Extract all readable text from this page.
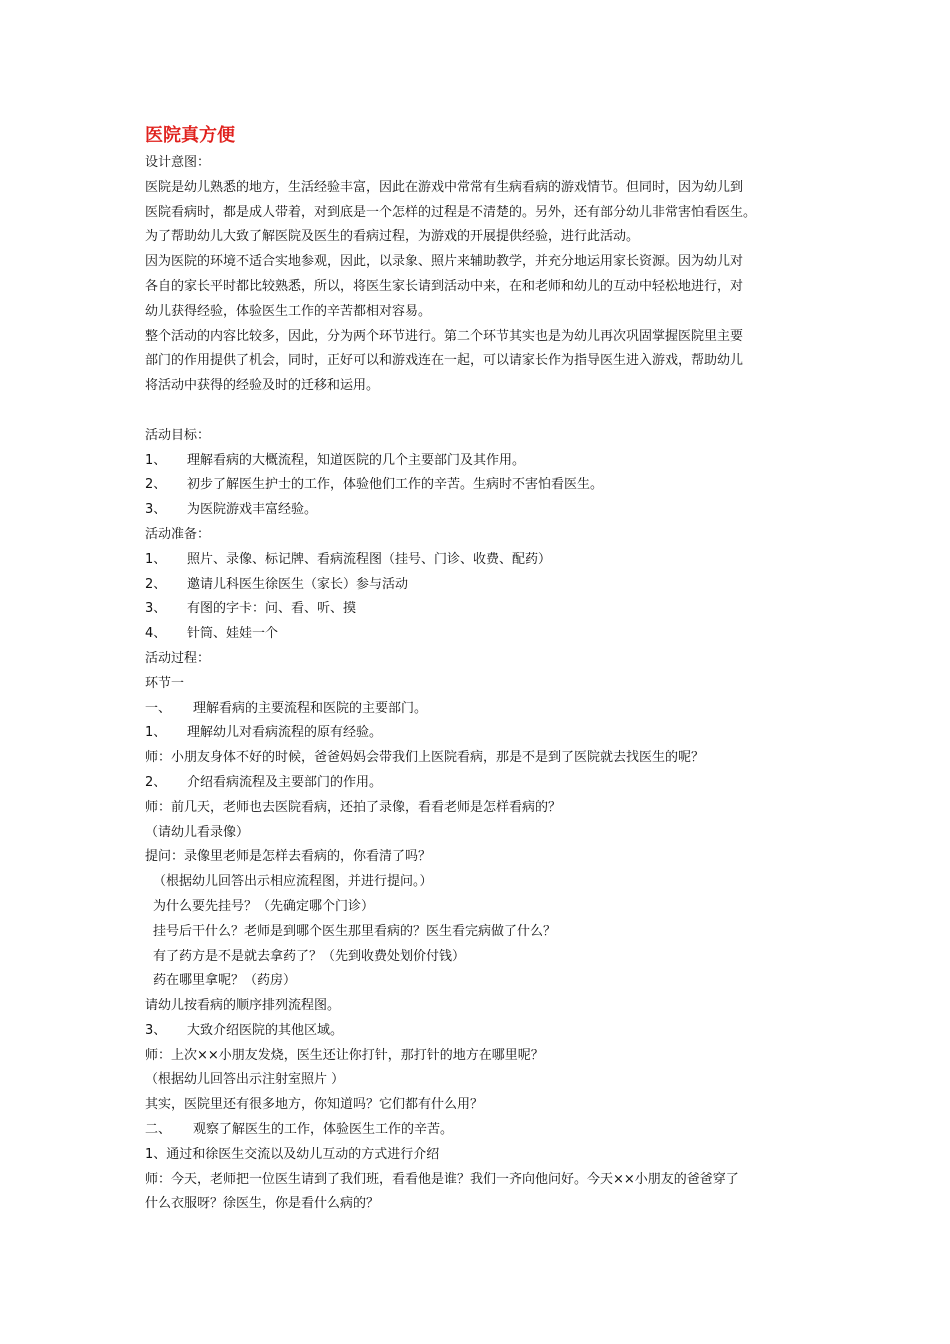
医院真方便
设计意图：
医院是幼儿熟悉的地方，生活经验丰富，因此在游戏中常常有生病看病的游戏情节。但同时，因为幼儿到
医院看病时，都是成人带着，对到底是一个怎样的过程是不清楚的。另外，还有部分幼儿非常害怕看医生。
为了帮助幼儿大致了解医院及医生的看病过程，为游戏的开展提供经验，进行此活动。
因为医院的环境不适合实地参观，因此，以录象、照片来辅助教学，并充分地运用家长资源。因为幼儿对
各自的家长平时都比较熟悉，所以，将医生家长请到活动中来，在和老师和幼儿的互动中轻松地进行，对
幼儿获得经验，体验医生工作的辛苦都相对容易。
整个活动的内容比较多，因此，分为两个环节进行。第二个环节其实也是为幼儿再次巩固掌握医院里主要
部门的作用提供了机会，同时，正好可以和游戏连在一起，可以请家长作为指导医生进入游戏，帮助幼儿
将活动中获得的经验及时的迁移和运用。
活动目标：
1、 理解看病的大概流程，知道医院的几个主要部门及其作用。
2、 初步了解医生护士的工作，体验他们工作的辛苦。生病时不害怕看医生。
3、 为医院游戏丰富经验。
活动准备：
1、 照片、录像、标记牌、看病流程图（挂号、门诊、收费、配药）
2、 邀请儿科医生徐医生（家长）参与活动
3、 有图的字卡：问、看、听、摸
4、 针筒、娃娃一个
活动过程：
环节一
一、 理解看病的主要流程和医院的主要部门。
1、 理解幼儿对看病流程的原有经验。
师：小朋友身体不好的时候，爸爸妈妈会带我们上医院看病，那是不是到了医院就去找医生的呢？
2、 介绍看病流程及主要部门的作用。
师：前几天，老师也去医院看病，还拍了录像，看看老师是怎样看病的？
（请幼儿看录像）
提问：录像里老师是怎样去看病的，你看清了吗？
（根据幼儿回答出示相应流程图，并进行提问。）
为什么要先挂号？（先确定哪个门诊）
挂号后干什么？老师是到哪个医生那里看病的？医生看完病做了什么？
有了药方是不是就去拿药了？（先到收费处划价付钱）
药在哪里拿呢？（药房）
请幼儿按看病的顺序排列流程图。
3、 大致介绍医院的其他区域。
师：上次××小朋友发烧，医生还让你打针，那打针的地方在哪里呢？
（根据幼儿回答出示注射室照片 ）
其实，医院里还有很多地方，你知道吗？它们都有什么用？
二、 观察了解医生的工作，体验医生工作的辛苦。
1、通过和徐医生交流以及幼儿互动的方式进行介绍
师：今天，老师把一位医生请到了我们班，看看他是谁？我们一齐向他问好。今天××小朋友的爸爸穿了
什么衣服呀？徐医生，你是看什么病的？
